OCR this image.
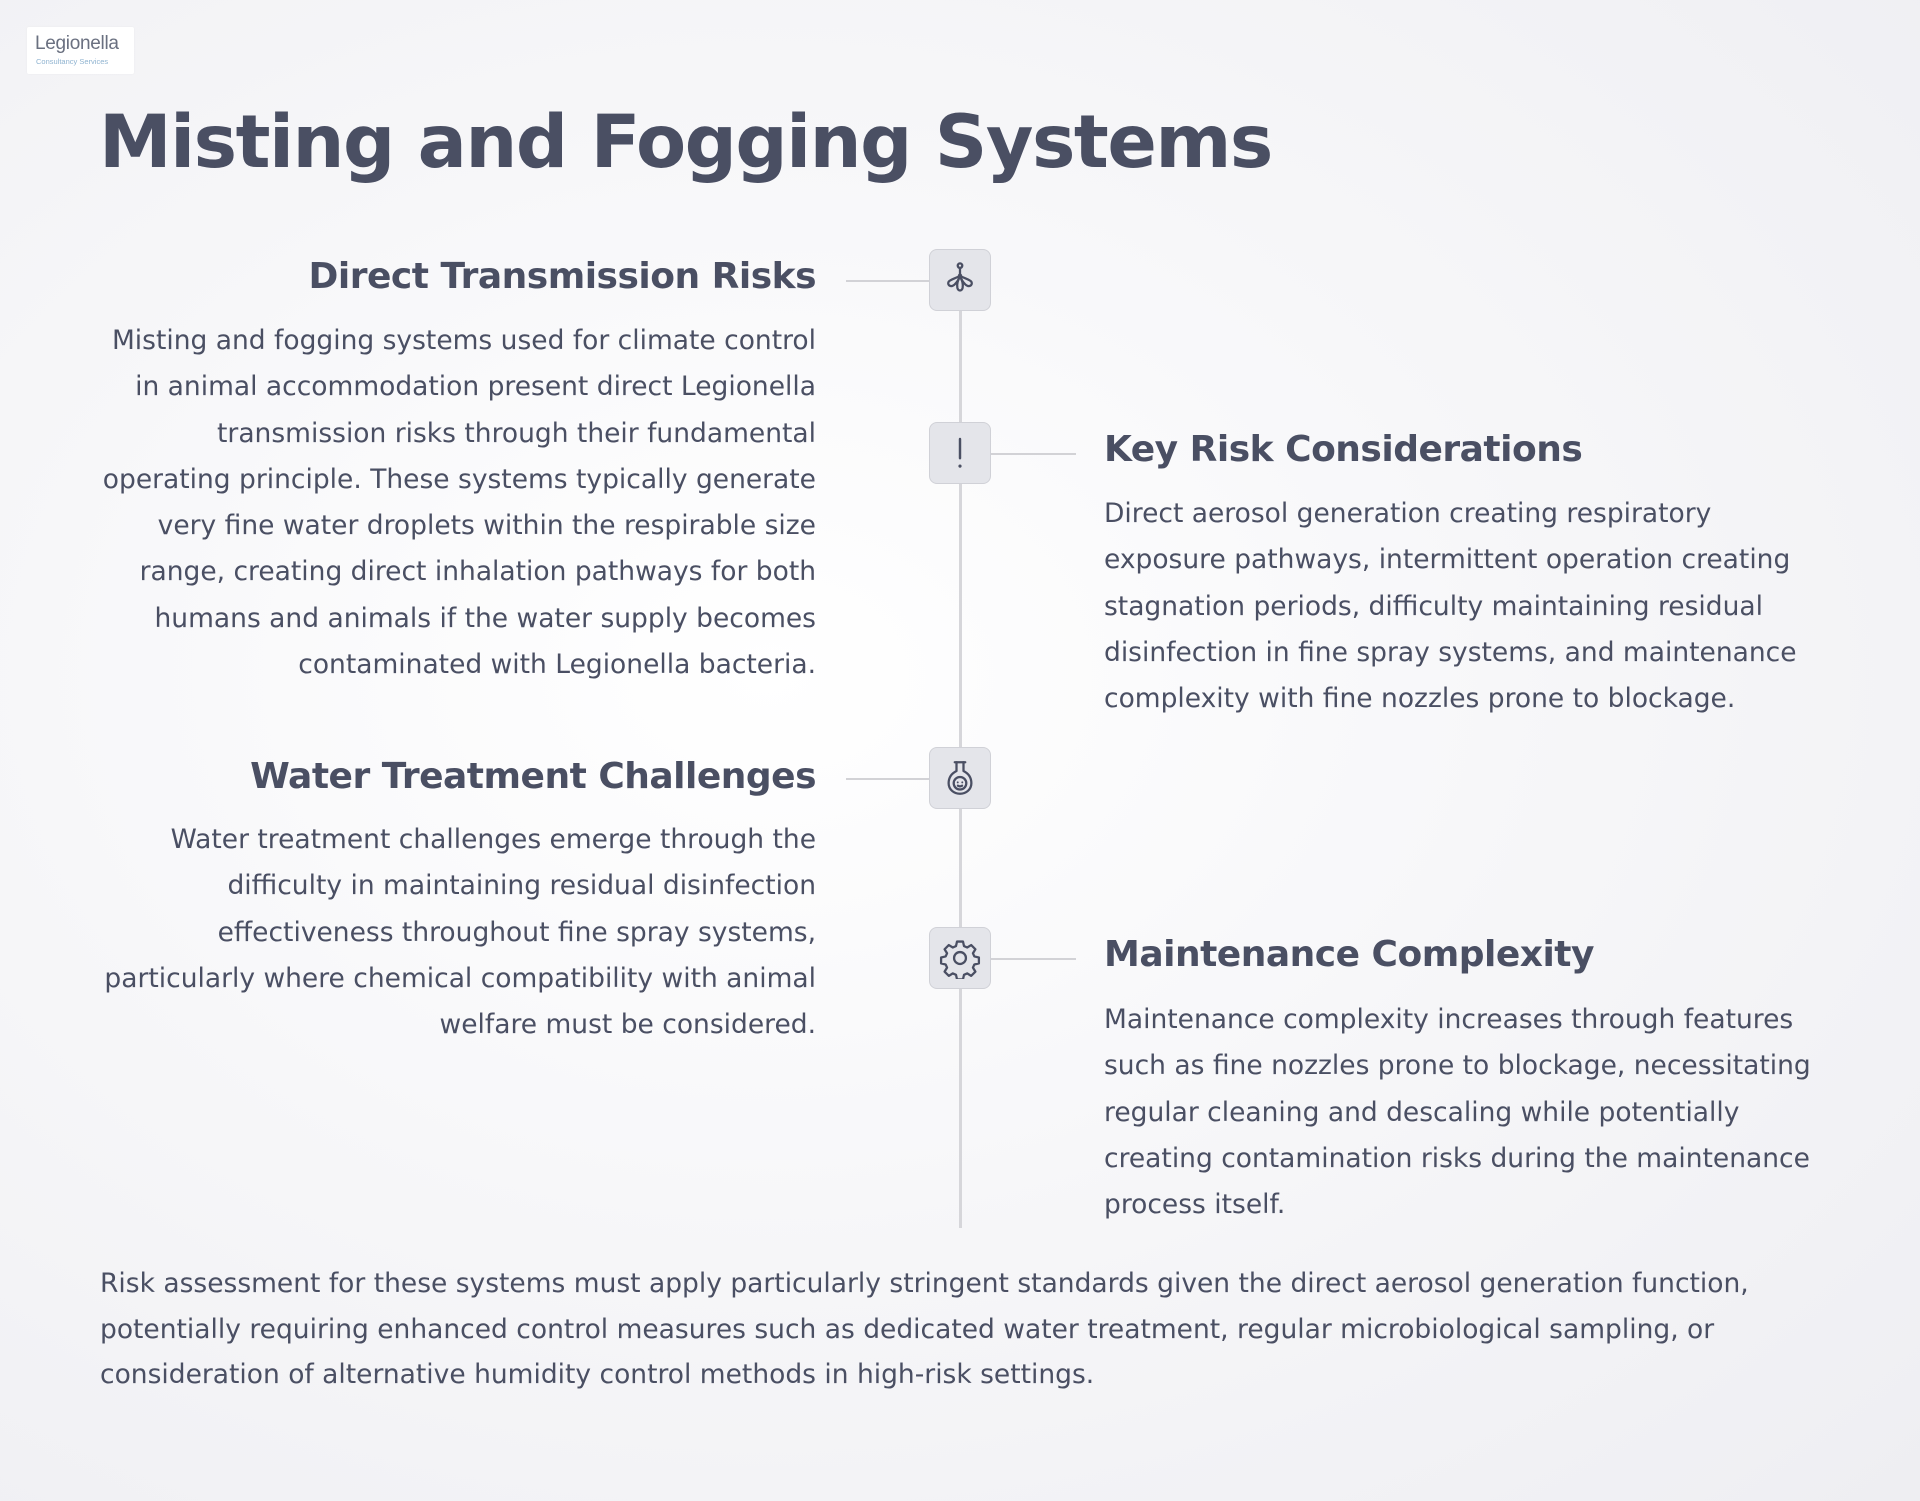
Legionella
Consultancy Services
Misting and Fogging Systems
Direct Transmission Risks

Misting and fogging systems used for climate control in animal accommodation present direct Legionella transmission risks through their fundamental operating principle. These systems typically generate very fine water droplets within the respirable size range, creating direct inhalation pathways for both humans and animals if the water supply becomes contaminated with Legionella bacteria.

Key Risk Considerations

Direct aerosol generation creating respiratory exposure pathways, intermittent operation creating stagnation periods, difficulty maintaining residual disinfection in fine spray systems, and maintenance complexity with fine nozzles prone to blockage.

Water Treatment Challenges

Water treatment challenges emerge through the difficulty in maintaining residual disinfection effectiveness throughout fine spray systems, particularly where chemical compatibility with animal welfare must be considered.

Maintenance Complexity

Maintenance complexity increases through features such as fine nozzles prone to blockage, necessitating regular cleaning and descaling while potentially creating contamination risks during the maintenance process itself.

Risk assessment for these systems must apply particularly stringent standards given the direct aerosol generation function, potentially requiring enhanced control measures such as dedicated water treatment, regular microbiological sampling, or consideration of alternative humidity control methods in high-risk settings.
